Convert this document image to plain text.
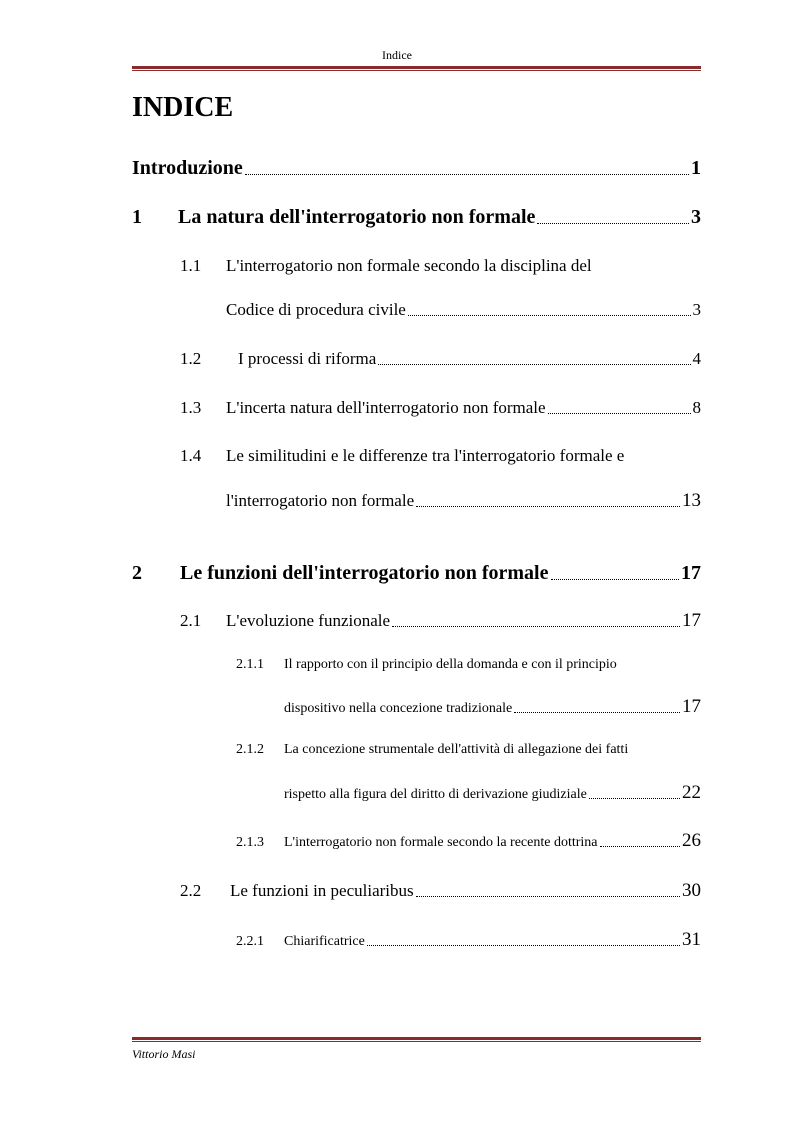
Indice
INDICE
Introduzione	1
1	La natura dell'interrogatorio non formale	3
1.1 L'interrogatorio non formale secondo la disciplina del
Codice di procedura civile	3
1.2	I processi di riforma	4
1.3	L'incerta natura dell'interrogatorio non formale	8
1.4 Le similitudini e le differenze tra l'interrogatorio formale e
l'interrogatorio non formale	13
2	Le funzioni dell'interrogatorio non formale	17
2.1	L'evoluzione funzionale	17
2.1.1 Il rapporto con il principio della domanda e con il principio
dispositivo nella concezione tradizionale	17
2.1.2 La concezione strumentale dell'attività di allegazione dei fatti
rispetto alla figura del diritto di derivazione giudiziale	22
2.1.3	L'interrogatorio non formale secondo la recente dottrina	26
2.2	Le funzioni in peculiaribus	30
2.2.1	Chiarificatrice	31
Vittorio Masi
